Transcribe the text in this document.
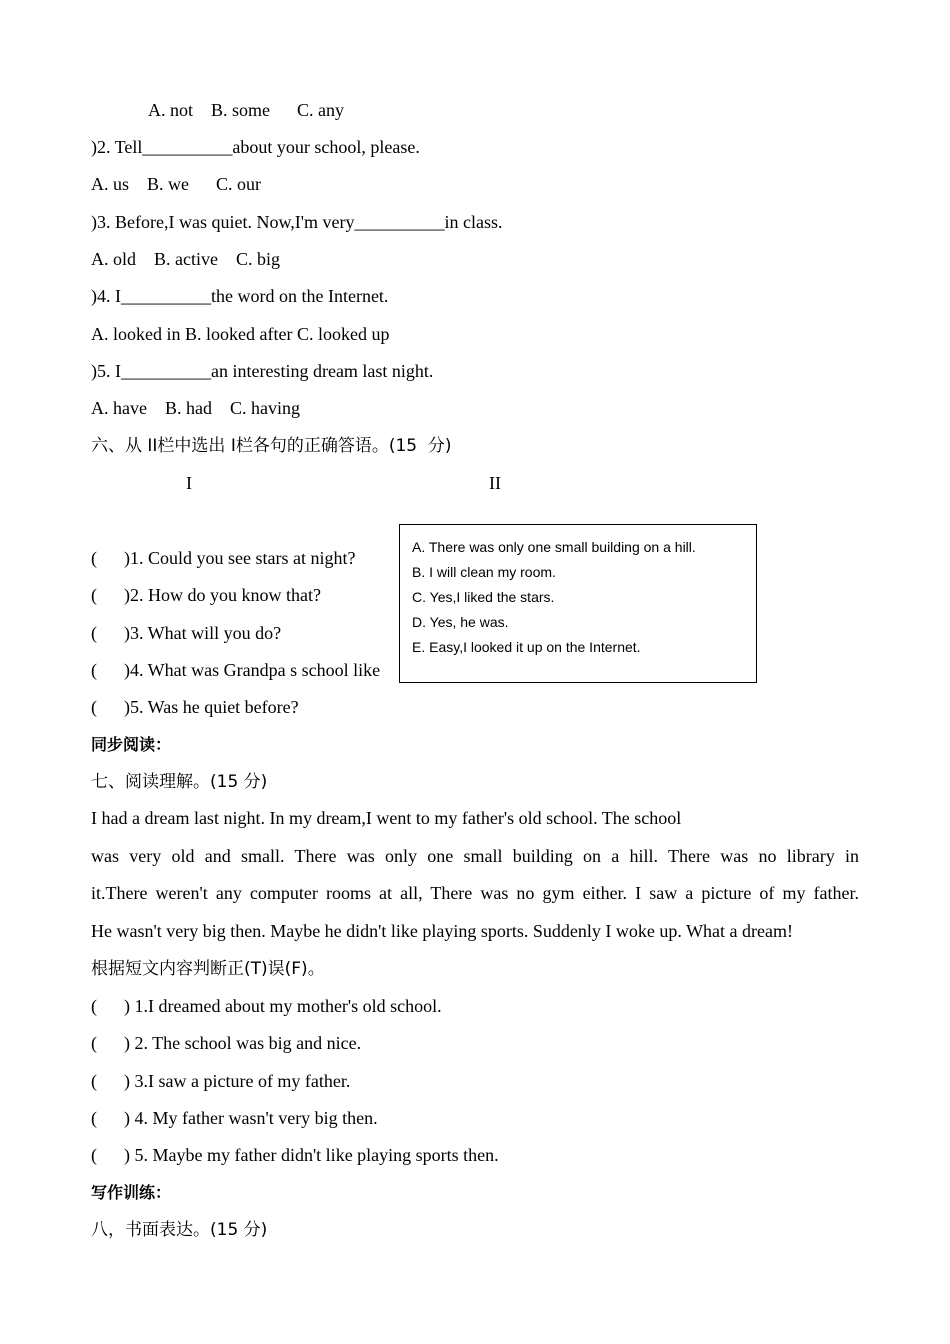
A. not    B. some      C. any
)2. Tell__________about your school, please.
A. us    B. we      C. our
)3. Before,I was quiet. Now,I'm very__________in class.
A. old    B. active    C. big
)4. I__________the word on the Internet.
A. looked in B. looked after C. looked up
)5. I__________an interesting dream last night.
A. have    B. had    C. having
六、从 II栏中选出 I栏各句的正确答语。(15  分)
I	II
(      )1. Could you see stars at night?
(      )2. How do you know that?
(      )3. What will you do?
(      )4. What was Grandpa s school like
(      )5. Was he quiet before?
A. There was only one small building on a hill.
B. I will clean my room.
C. Yes,I liked the stars.
D. Yes, he was.
E. Easy,I looked it up on the Internet.
同步阅读：
七、阅读理解。(15 分)
I had a dream last night. In my dream,I went to my father's old school. The school
was very old and small. There was only one small building on a hill. There was no library in
it.There weren't any computer rooms at all, There was no gym either. I saw a picture of my father.
He wasn't very big then. Maybe he didn't like playing sports. Suddenly I woke up. What a dream!
根据短文内容判断正(T)误(F)。
(      ) 1.I dreamed about my mother's old school.
(      ) 2. The school was big and nice.
(      ) 3.I saw a picture of my father.
(      ) 4. My father wasn't very big then.
(      ) 5. Maybe my father didn't like playing sports then.
写作训练：
八，书面表达。(15 分)
